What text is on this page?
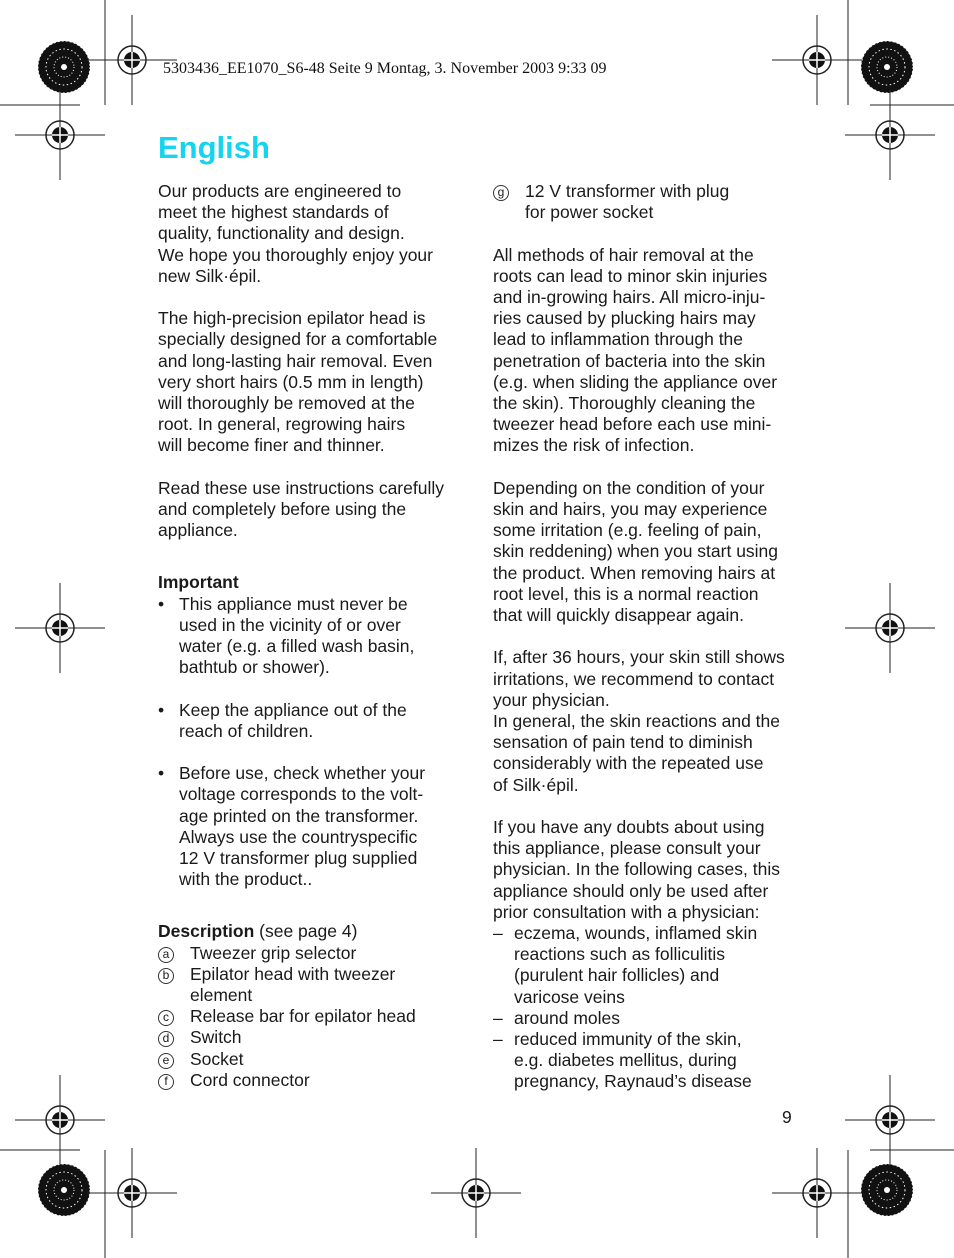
5303436_EE1070_S6-48 Seite 9 Montag, 3. November 2003 9:33 09
English
Our products are engineered to
meet the highest standards of
quality, functionality and design.
We hope you thoroughly enjoy your
new Silk·épil.
The high-precision epilator head is
specially designed for a comfortable
and long-lasting hair removal. Even
very short hairs (0.5 mm in length)
will thoroughly be removed at the
root. In general, regrowing hairs
will become finer and thinner.
Read these use instructions carefully
and completely before using the
appliance.
Important
• This appliance must never be
used in the vicinity of or over
water (e.g. a filled wash basin,
bathtub or shower).
• Keep the appliance out of the
reach of children.
• Before use, check whether your
voltage corresponds to the volt-
age printed on the transformer.
Always use the countryspecific
12 V transformer plug supplied
with the product..
Description (see page 4)
a	Tweezer grip selector
b	Epilator head with tweezer
element
c	Release bar for epilator head
d	Switch
e	Socket
f	Cord connector
g	12 V transformer with plug
for power socket
All methods of hair removal at the
roots can lead to minor skin injuries
and in-growing hairs. All micro-inju-
ries caused by plucking hairs may
lead to inflammation through the
penetration of bacteria into the skin
(e.g. when sliding the appliance over
the skin). Thoroughly cleaning the
tweezer head before each use mini-
mizes the risk of infection.
Depending on the condition of your
skin and hairs, you may experience
some irritation (e.g. feeling of pain,
skin reddening) when you start using
the product. When removing hairs at
root level, this is a normal reaction
that will quickly disappear again.
If, after 36 hours, your skin still shows
irritations, we recommend to contact
your physician.
In general, the skin reactions and the
sensation of pain tend to diminish
considerably with the repeated use
of Silk·épil.
If you have any doubts about using
this appliance, please consult your
physician. In the following cases, this
appliance should only be used after
prior consultation with a physician:
– eczema, wounds, inflamed skin
reactions such as folliculitis
(purulent hair follicles) and
varicose veins
– around moles
– reduced immunity of the skin,
e.g. diabetes mellitus, during
pregnancy, Raynaud’s disease
9
